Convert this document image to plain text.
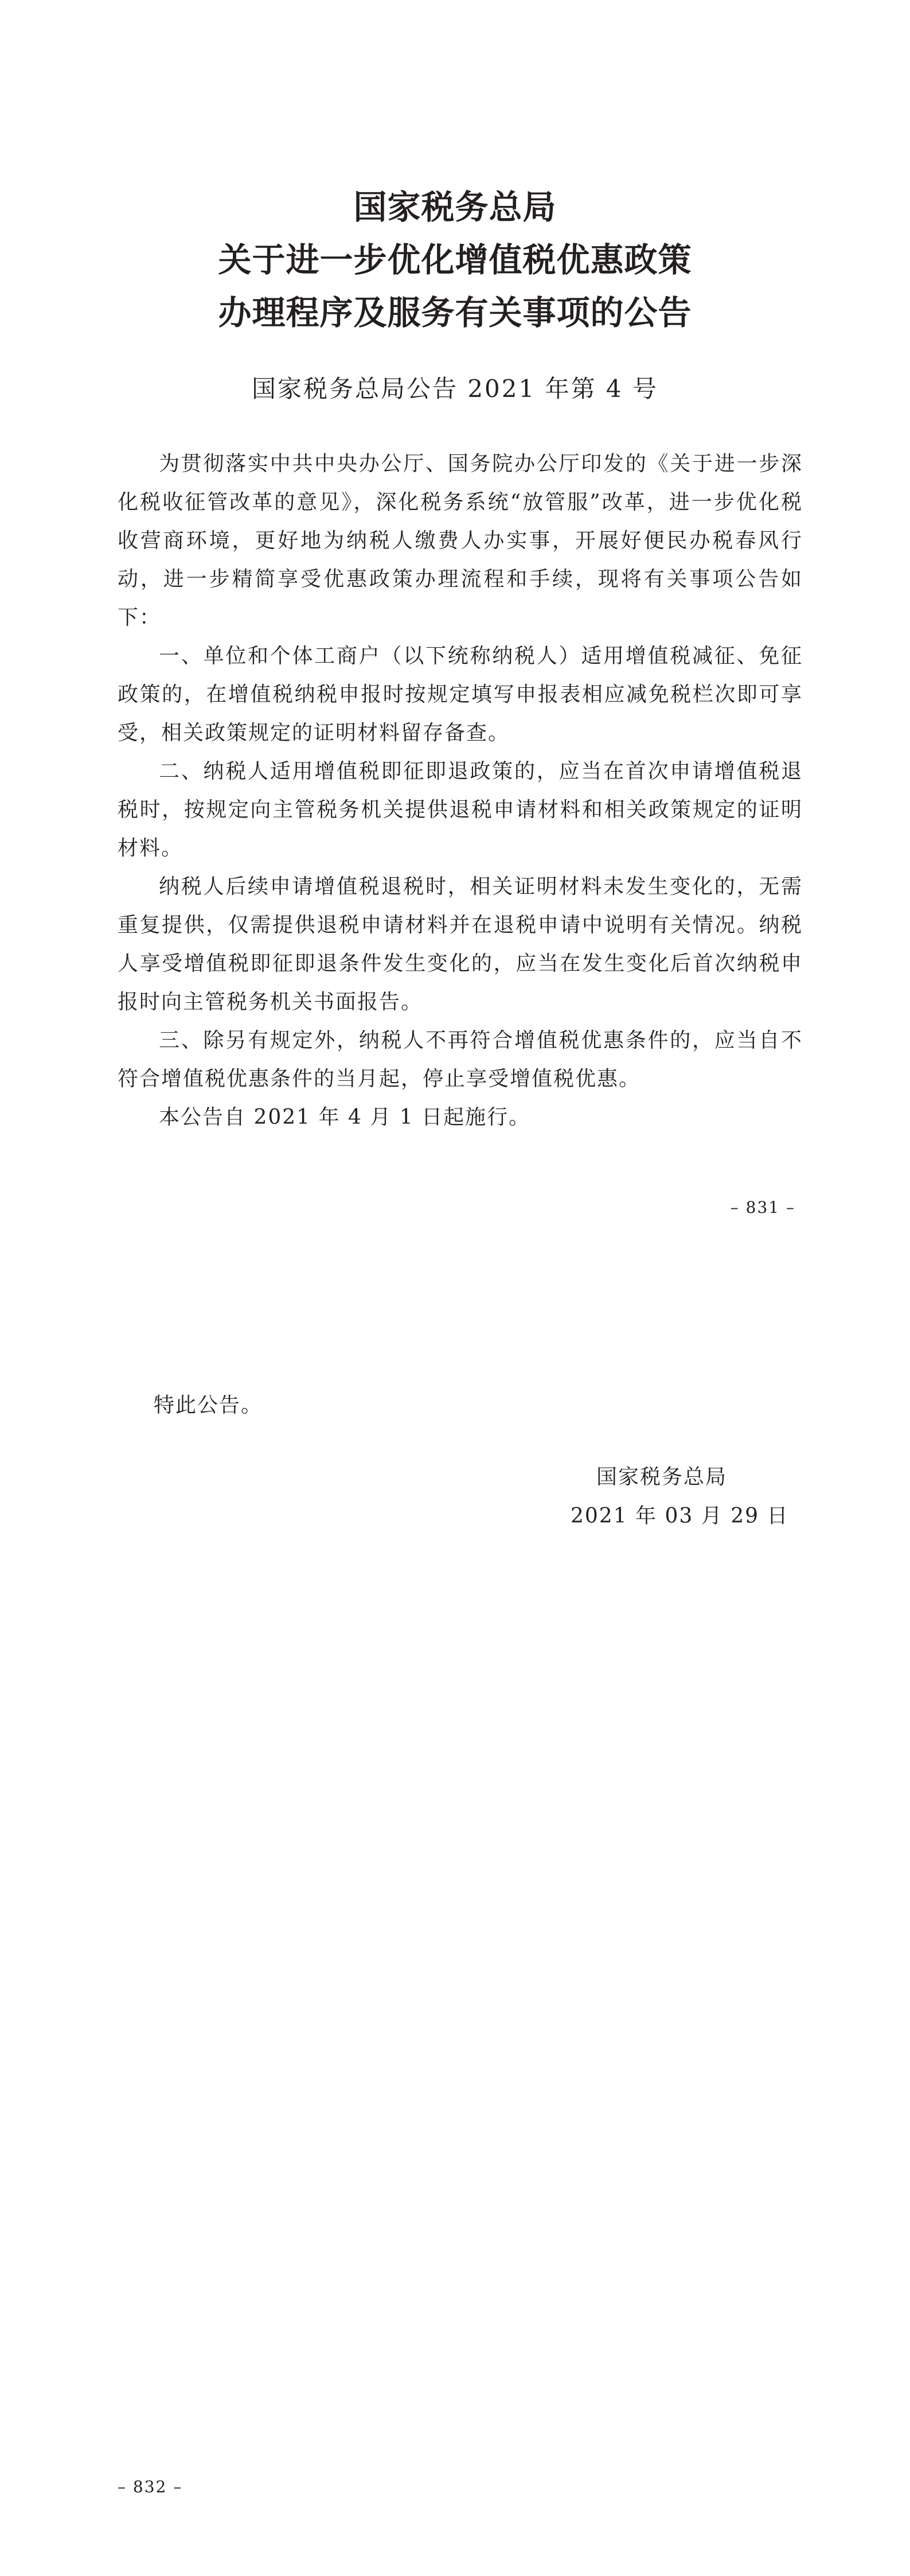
国家税务总局
关于进一步优化增值税优惠政策
办理程序及服务有关事项的公告
国家税务总局公告 2021 年第 4 号

为贯彻落实中共中央办公厅、国务院办公厅印发的《关于进一步深化税收征管改革的意见》，深化税务系统“放管服”改革，进一步优化税收营商环境，更好地为纳税人缴费人办实事，开展好便民办税春风行动，进一步精简享受优惠政策办理流程和手续，现将有关事项公告如下：

一、单位和个体工商户（以下统称纳税人）适用增值税减征、免征政策的，在增值税纳税申报时按规定填写申报表相应减免税栏次即可享受，相关政策规定的证明材料留存备查。

二、纳税人适用增值税即征即退政策的，应当在首次申请增值税退税时，按规定向主管税务机关提供退税申请材料和相关政策规定的证明材料。

纳税人后续申请增值税退税时，相关证明材料未发生变化的，无需重复提供，仅需提供退税申请材料并在退税申请中说明有关情况。纳税人享受增值税即征即退条件发生变化的，应当在发生变化后首次纳税申报时向主管税务机关书面报告。

三、除另有规定外，纳税人不再符合增值税优惠条件的，应当自不符合增值税优惠条件的当月起，停止享受增值税优惠。

本公告自 2021 年 4 月 1 日起施行。

– 831 –
特此公告。
国家税务总局
2021 年 03 月 29 日
– 832 –
